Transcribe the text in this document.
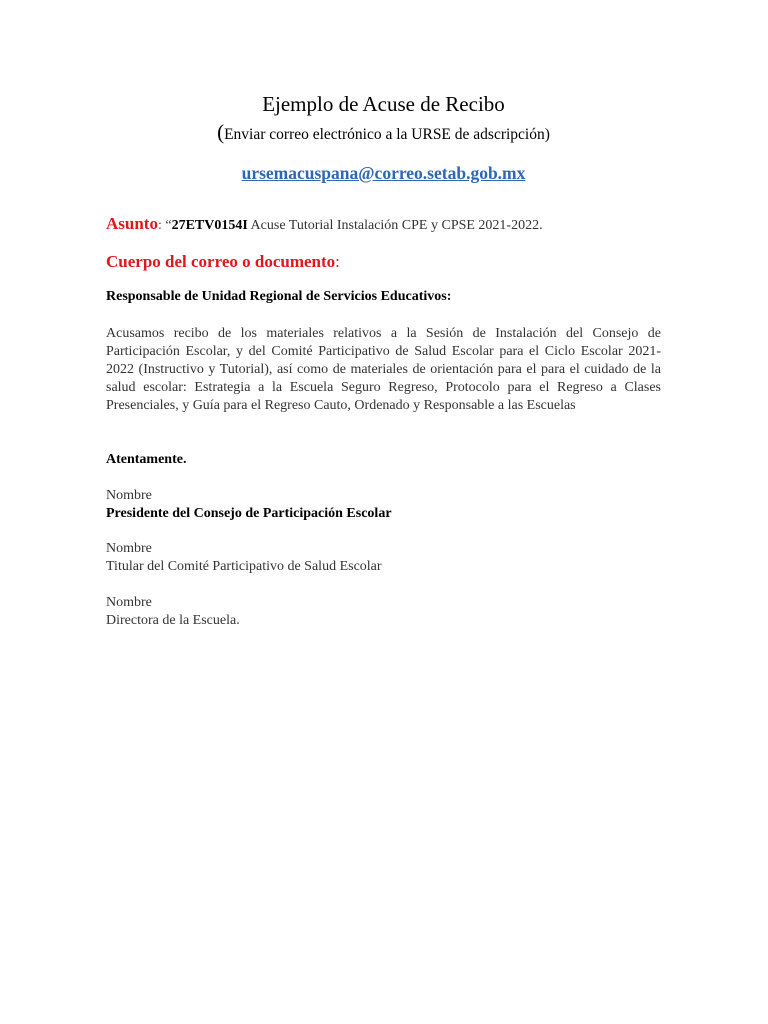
Ejemplo de Acuse de Recibo
(Enviar correo electrónico a la URSE de adscripción)
ursemacuspana@correo.setab.gob.mx
Asunto: “27ETV0154I Acuse Tutorial Instalación CPE y CPSE 2021-2022.
Cuerpo del correo o documento:
Responsable de Unidad Regional de Servicios Educativos:
Acusamos recibo de los materiales relativos a la Sesión de Instalación del Consejo de Participación Escolar, y del Comité Participativo de Salud Escolar para el Ciclo Escolar 2021-2022 (Instructivo y Tutorial), así como de materiales de orientación para el para el cuidado de la salud escolar: Estrategia a la Escuela Seguro Regreso, Protocolo para el Regreso a Clases Presenciales, y Guía para el Regreso Cauto, Ordenado y Responsable a las Escuelas
Atentamente.
Nombre
Presidente del Consejo de Participación Escolar
Nombre
Titular del Comité Participativo de Salud Escolar
Nombre
Directora de la Escuela.
